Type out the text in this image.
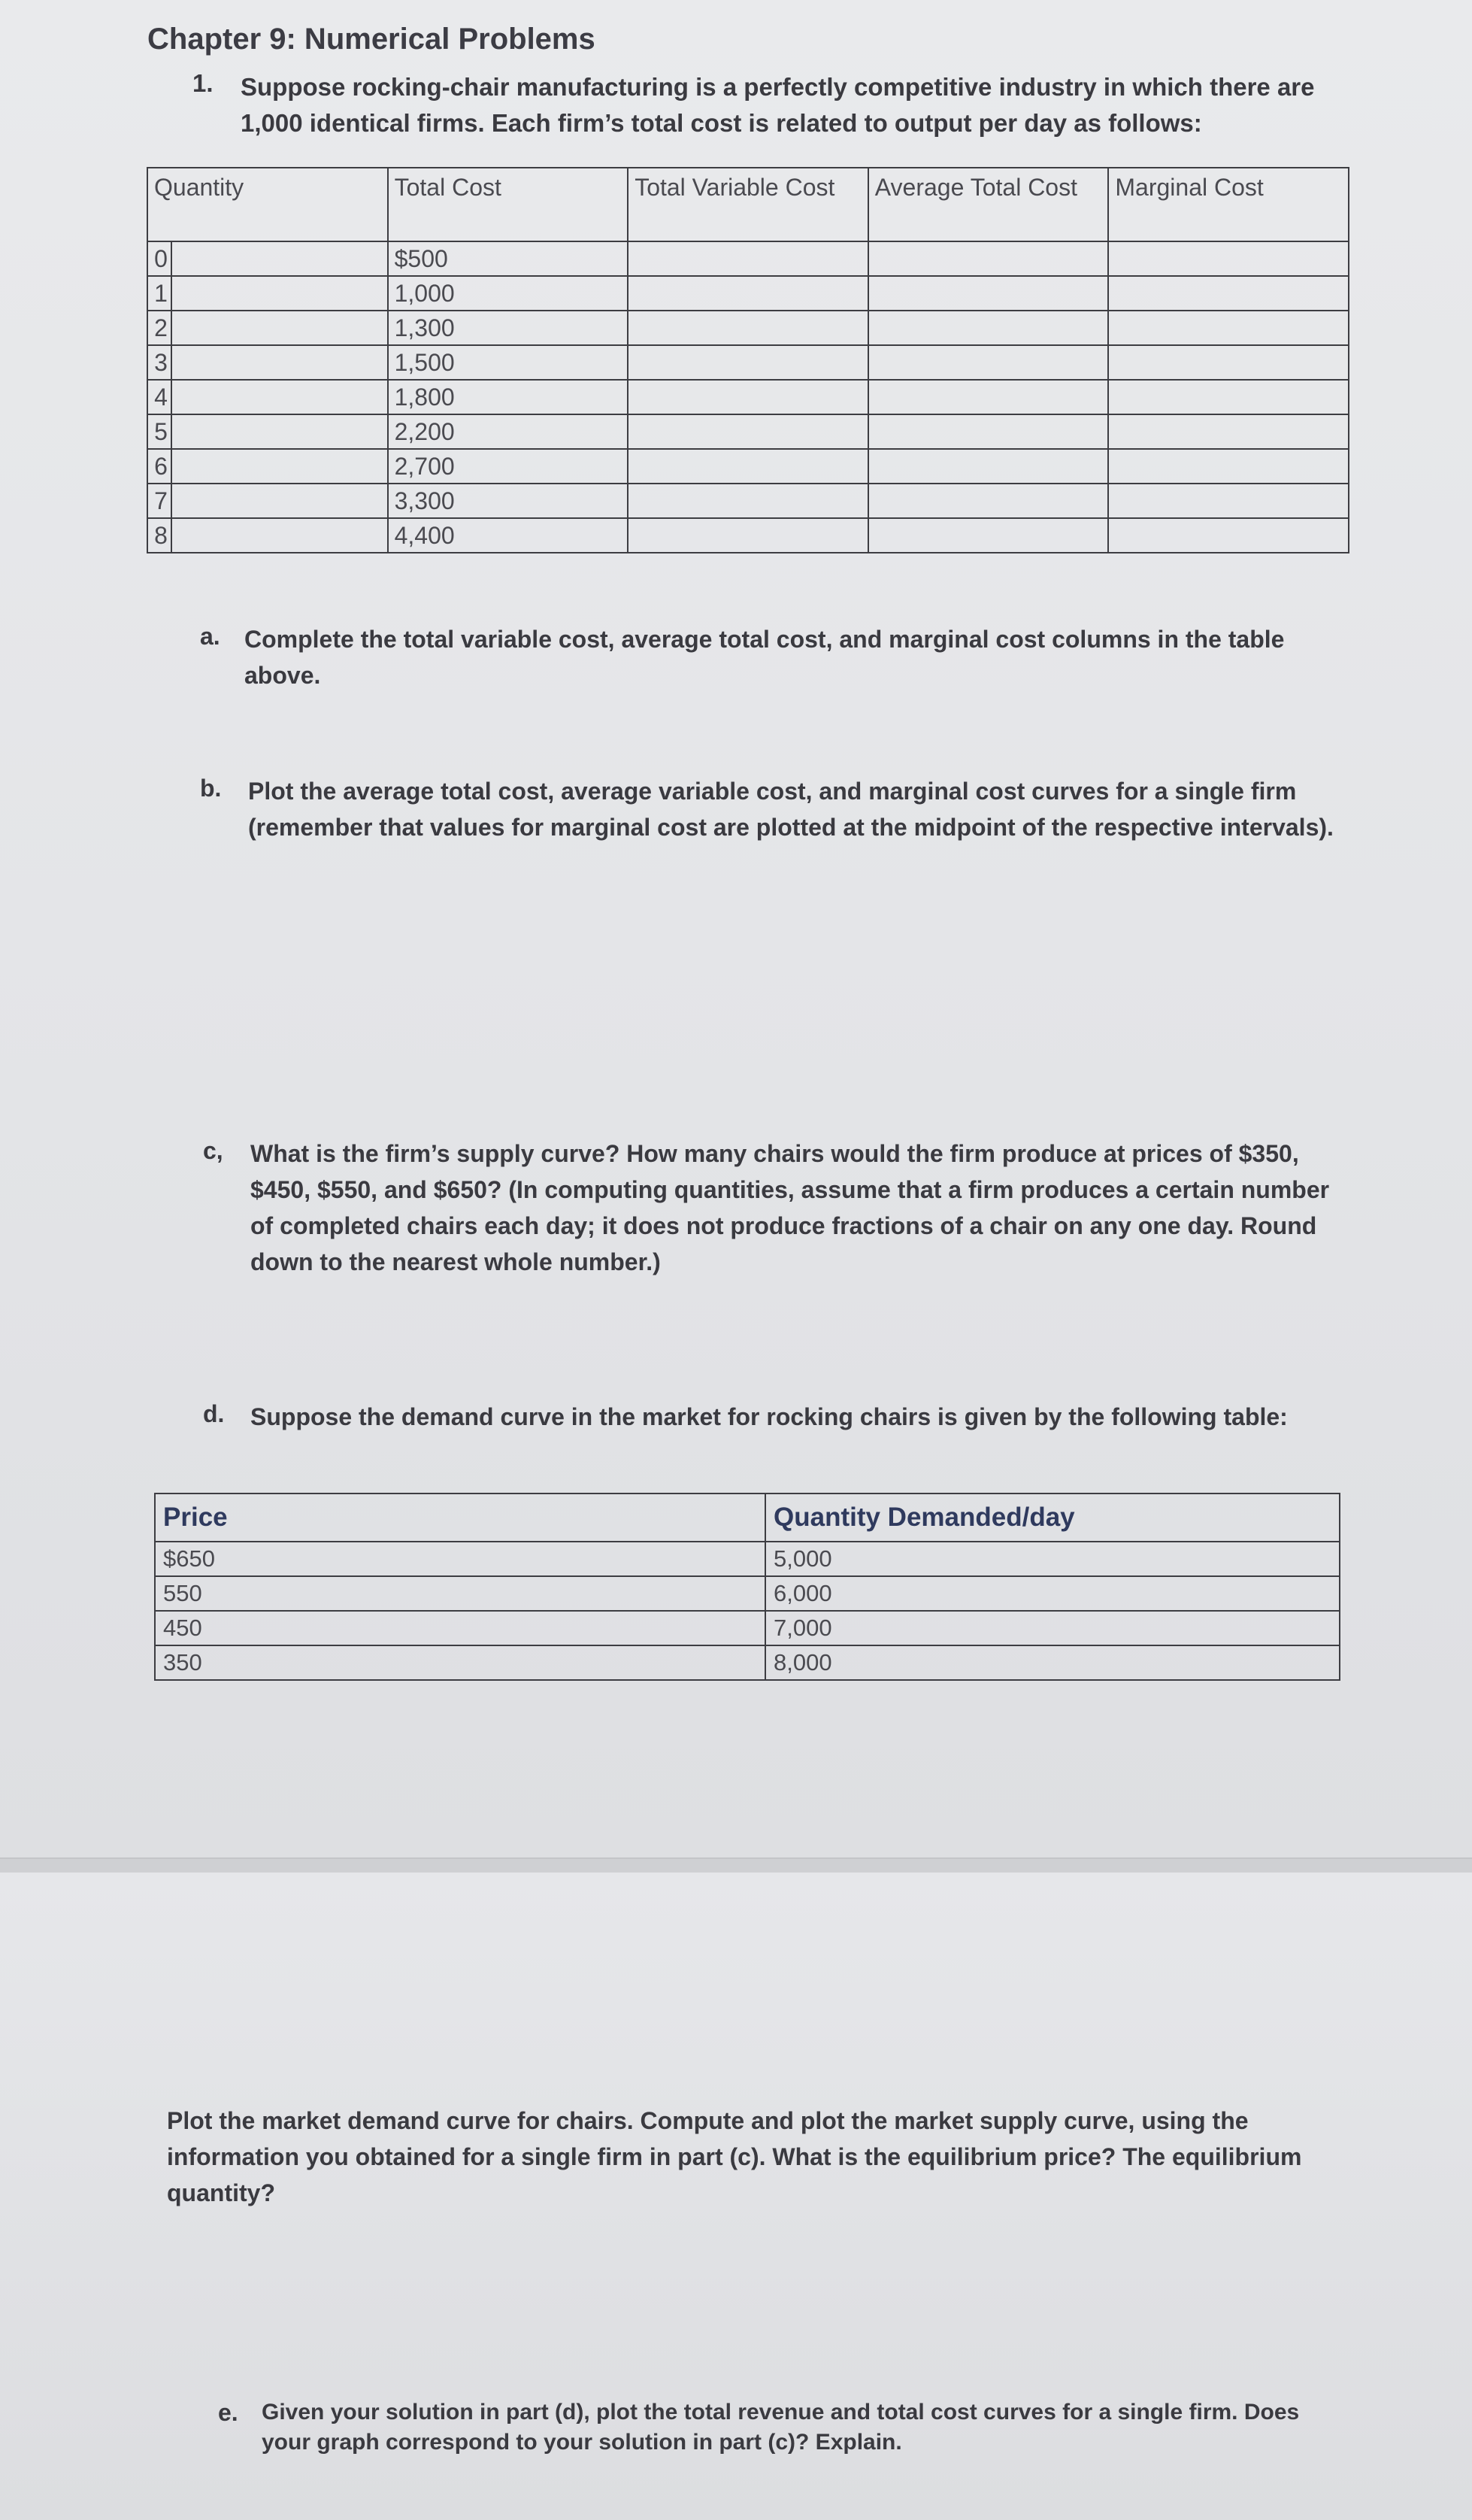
Chapter 9: Numerical Problems
1. Suppose rocking-chair manufacturing is a perfectly competitive industry in which there are 1,000 identical firms. Each firm’s total cost is related to output per day as follows:
Quantity	Total Cost	Total Variable Cost	Average Total Cost	Marginal Cost

0	$500			

1	1,000			

2	1,300			

3	1,500			

4	1,800			

5	2,200			

6	2,700			

7	3,300			

8	4,400			
a. Complete the total variable cost, average total cost, and marginal cost columns in the table above.
b. Plot the average total cost, average variable cost, and marginal cost curves for a single firm (remember that values for marginal cost are plotted at the midpoint of the respective intervals).
c, What is the firm’s supply curve? How many chairs would the firm produce at prices of $350, $450, $550, and $650? (In computing quantities, assume that a firm produces a certain number of completed chairs each day; it does not produce fractions of a chair on any one day. Round down to the nearest whole number.)
d. Suppose the demand curve in the market for rocking chairs is given by the following table:
Price	Quantity Demanded/day
$650	5,000
550	6,000
450	7,000
350	8,000
Plot the market demand curve for chairs. Compute and plot the market supply curve, using the information you obtained for a single firm in part (c). What is the equilibrium price? The equilibrium quantity?
e. Given your solution in part (d), plot the total revenue and total cost curves for a single firm. Does your graph correspond to your solution in part (c)? Explain.
